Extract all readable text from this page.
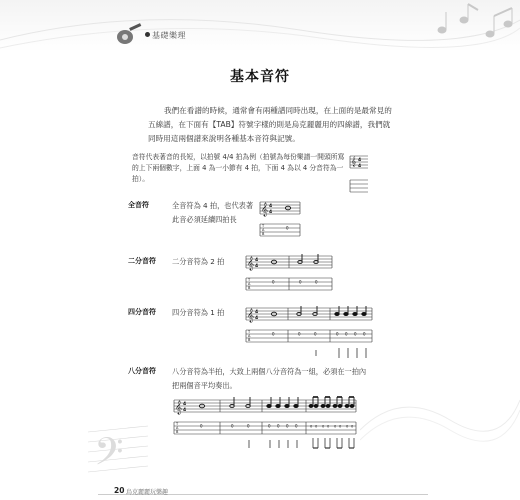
基礎樂理
基本音符
我們在看譜的時候，通常會有兩種譜同時出現，在上面的是最常見的五線譜，在下面有【TAB】符號字樣的則是烏克麗麗用的四線譜，我們就同時用這兩個譜來說明各種基本音符與記號。
音符代表著音的長短，以拍號 4/4 拍為例（拍號為每份樂譜一開頭所寫的上下兩個數字，上面 4 為一小節有 4 拍，下面 4 為以 4 分音符為一拍）。
𝄞 4
4
全音符	全音符為 4 拍，也代表著此音必須延續四拍長
𝄞 4
4
T
A
B
0
二分音符 二分音符為 2 拍 𝄞 4
4
T
A
B
0	0	0
四分音符 四分音符為 1 拍 𝄞 4
4
T
A
B
0	0	0	0 0 0 0
八分音符 八分音符為半拍，大致上兩個八分音符為一組，必須在一拍內把兩個音平均奏出。
𝄞 4
4
T
A
B
0	0	0	0 0 0 0	0 0 0 0 0 0 0 0
𝄢
20 烏克麗麗玩樂趣
